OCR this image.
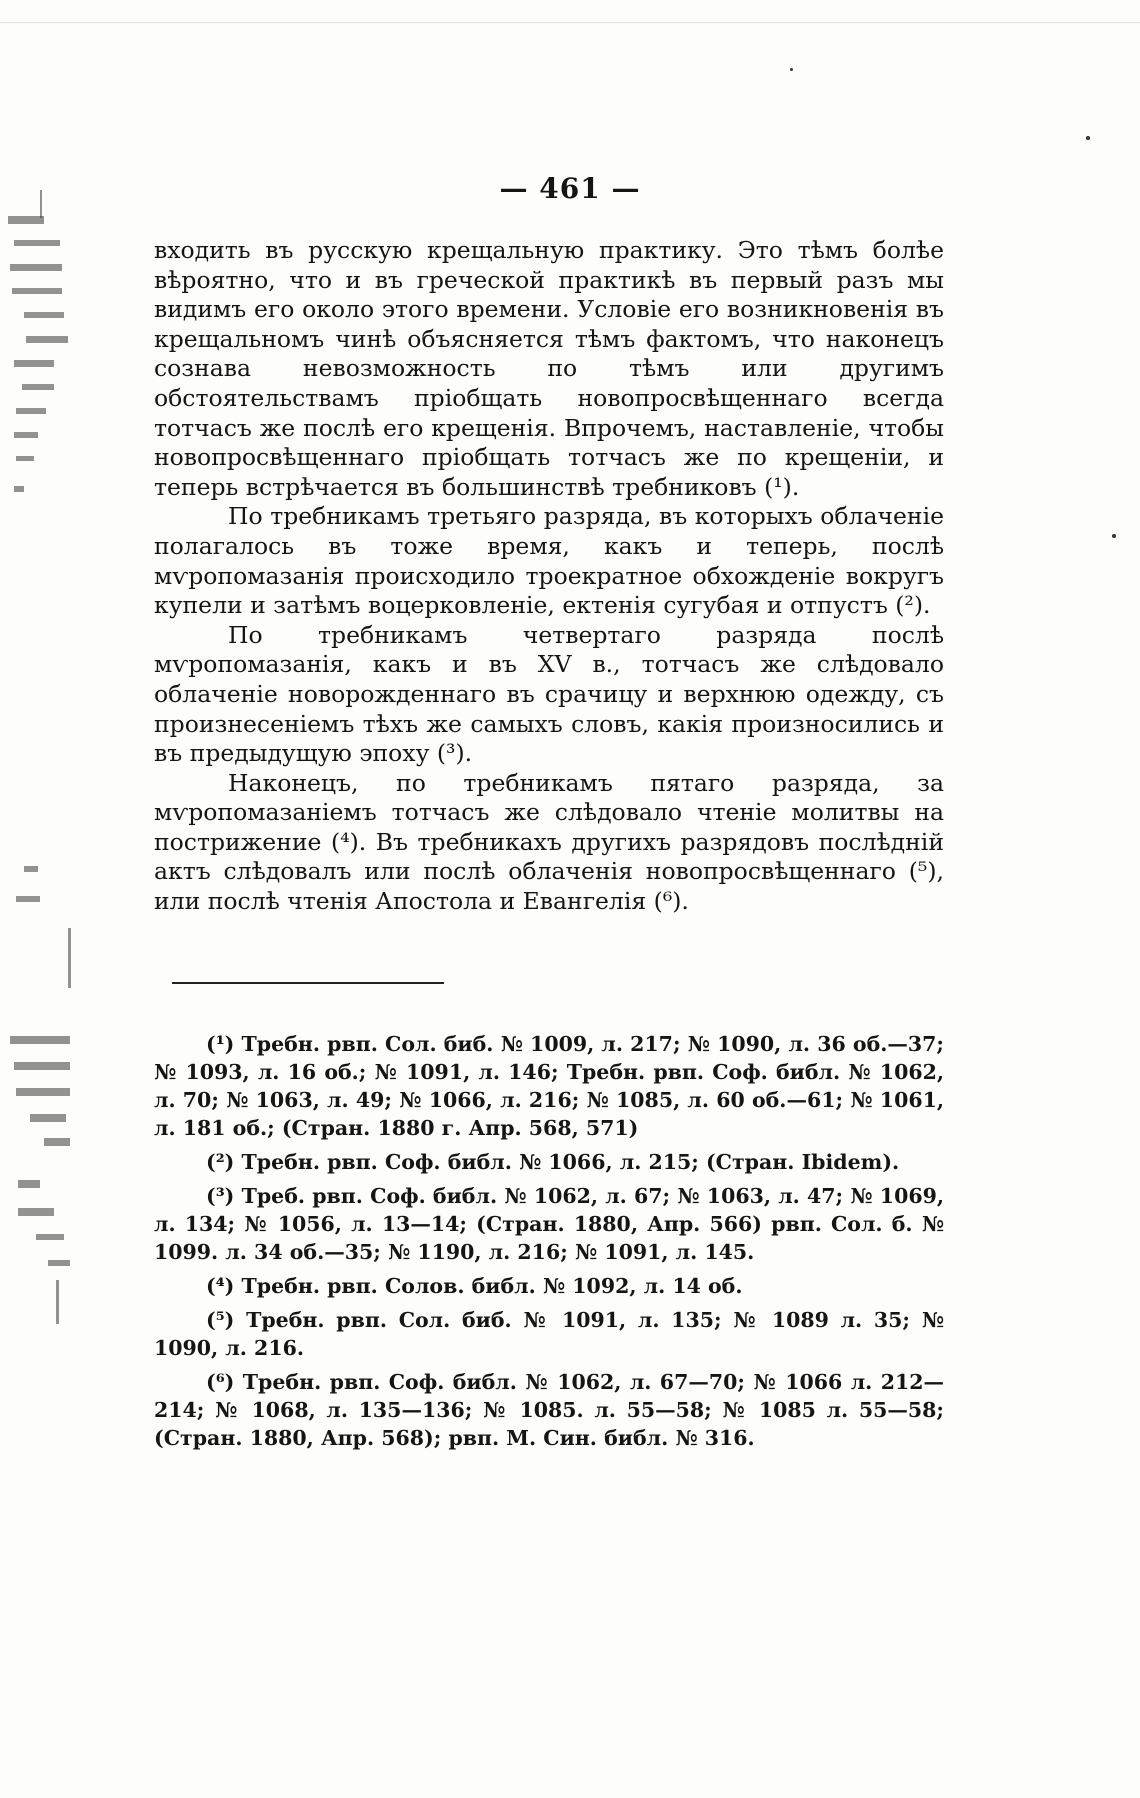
— 461 —

входить въ русскую крещальную практику. Это тѣмъ болѣе вѣроятно, что и въ греческой практикѣ въ первый разъ мы видимъ его около этого времени. Условіе его возникновенія въ крещальномъ чинѣ объясняется тѣмъ фактомъ, что наконецъ сознава невозможность по тѣмъ или другимъ обстоятельствамъ пріобщать новопросвѣщеннаго всегда тотчасъ же послѣ его крещенія. Впрочемъ, наставленіе, чтобы новопросвѣщеннаго пріобщать тотчасъ же по крещеніи, и теперь встрѣчается въ большинствѣ требниковъ (¹).

По требникамъ третьяго разряда, въ которыхъ облаченіе полагалось въ тоже время, какъ и теперь, послѣ мѵропомазанія происходило троекратное обхожденіе вокругъ купели и затѣмъ воцерковленіе, ектенія сугубая и отпустъ (²).

По требникамъ четвертаго разряда послѣ мѵропомазанія, какъ и въ XV в., тотчасъ же слѣдовало облаченіе новорожденнаго въ срачицу и верхнюю одежду, съ произнесеніемъ тѣхъ же самыхъ словъ, какія произносились и въ предыдущую эпоху (³).

Наконецъ, по требникамъ пятаго разряда, за мѵропомазаніемъ тотчасъ же слѣдовало чтеніе молитвы на пострижение (⁴). Въ требникахъ другихъ разрядовъ послѣдній актъ слѣдовалъ или послѣ облаченія новопросвѣщеннаго (⁵), или послѣ чтенія Апостола и Евангелія (⁶).

(¹) Требн. рвп. Сол. биб. № 1009, л. 217; № 1090, л. 36 об.—37; № 1093, л. 16 об.; № 1091, л. 146; Требн. рвп. Соф. библ. № 1062, л. 70; № 1063, л. 49; № 1066, л. 216; № 1085, л. 60 об.—61; № 1061, л. 181 об.; (Стран. 1880 г. Апр. 568, 571)

(²) Требн. рвп. Соф. библ. № 1066, л. 215; (Стран. Ibidem).

(³) Треб. рвп. Соф. библ. № 1062, л. 67; № 1063, л. 47; № 1069, л. 134; № 1056, л. 13—14; (Стран. 1880, Апр. 566) рвп. Сол. б. № 1099. л. 34 об.—35; № 1190, л. 216; № 1091, л. 145.

(⁴) Требн. рвп. Солов. библ. № 1092, л. 14 об.

(⁵) Требн. рвп. Сол. биб. № 1091, л. 135; № 1089 л. 35; № 1090, л. 216.

(⁶) Требн. рвп. Соф. библ. № 1062, л. 67—70; № 1066 л. 212—214; № 1068, л. 135—136; № 1085. л. 55—58; № 1085 л. 55—58; (Стран. 1880, Апр. 568); рвп. М. Син. библ. № 316.
